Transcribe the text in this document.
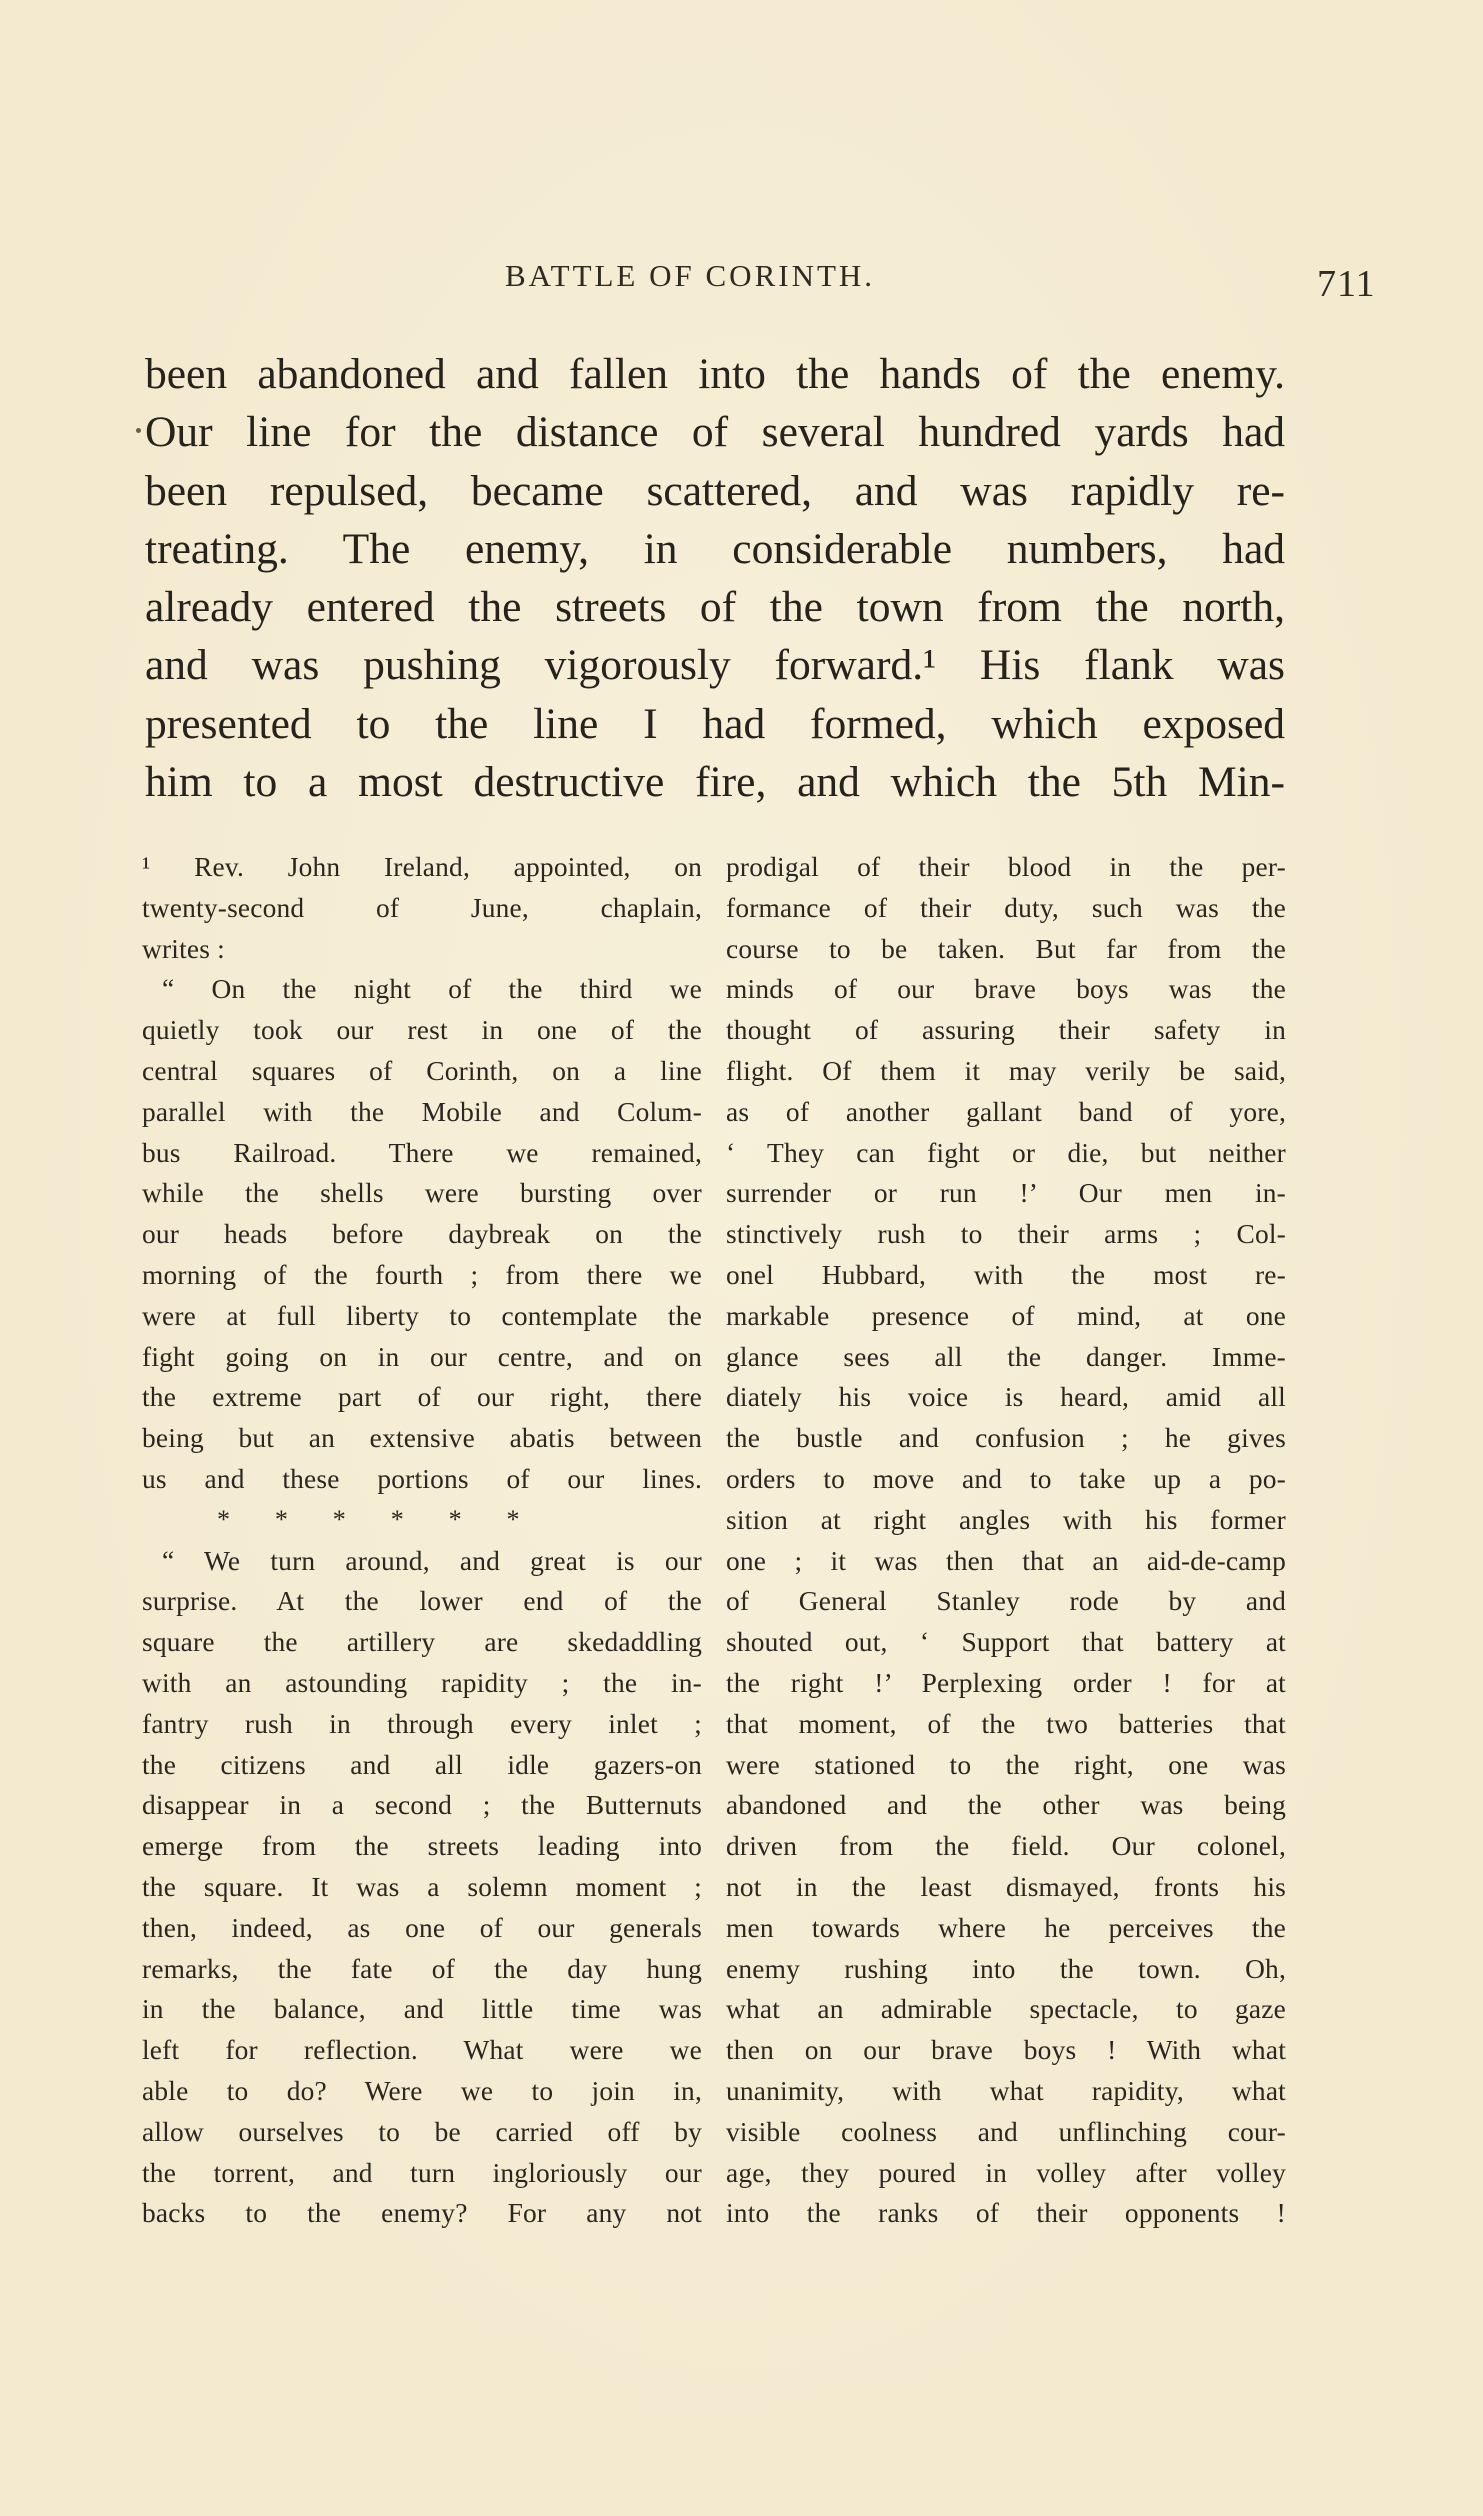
BATTLE OF CORINTH.	711
been abandoned and fallen into the hands of the enemy.
Our line for the distance of several hundred yards had
been repulsed, became scattered, and was rapidly re-
treating. The enemy, in considerable numbers, had
already entered the streets of the town from the north,
and was pushing vigorously forward.¹ His flank was
presented to the line I had formed, which exposed
him to a most destructive fire, and which the 5th Min-
¹ Rev. John Ireland, appointed, on
twenty-second of June, chaplain,
writes :
“ On the night of the third we
quietly took our rest in one of the
central squares of Corinth, on a line
parallel with the Mobile and Colum-
bus Railroad. There we remained,
while the shells were bursting over
our heads before daybreak on the
morning of the fourth ; from there we
were at full liberty to contemplate the
fight going on in our centre, and on
the extreme part of our right, there
being but an extensive abatis between
us and these portions of our lines.
* * * * * *
“ We turn around, and great is our
surprise. At the lower end of the
square the artillery are skedaddling
with an astounding rapidity ; the in-
fantry rush in through every inlet ;
the citizens and all idle gazers-on
disappear in a second ; the Butternuts
emerge from the streets leading into
the square. It was a solemn moment ;
then, indeed, as one of our generals
remarks, the fate of the day hung
in the balance, and little time was
left for reflection. What were we
able to do? Were we to join in,
allow ourselves to be carried off by
the torrent, and turn ingloriously our
backs to the enemy? For any not
prodigal of their blood in the per-
formance of their duty, such was the
course to be taken. But far from the
minds of our brave boys was the
thought of assuring their safety in
flight. Of them it may verily be said,
as of another gallant band of yore,
‘ They can fight or die, but neither
surrender or run !’ Our men in-
stinctively rush to their arms ; Col-
onel Hubbard, with the most re-
markable presence of mind, at one
glance sees all the danger. Imme-
diately his voice is heard, amid all
the bustle and confusion ; he gives
orders to move and to take up a po-
sition at right angles with his former
one ; it was then that an aid-de-camp
of General Stanley rode by and
shouted out, ‘ Support that battery at
the right !’ Perplexing order ! for at
that moment, of the two batteries that
were stationed to the right, one was
abandoned and the other was being
driven from the field. Our colonel,
not in the least dismayed, fronts his
men towards where he perceives the
enemy rushing into the town. Oh,
what an admirable spectacle, to gaze
then on our brave boys ! With what
unanimity, with what rapidity, what
visible coolness and unflinching cour-
age, they poured in volley after volley
into the ranks of their opponents !
